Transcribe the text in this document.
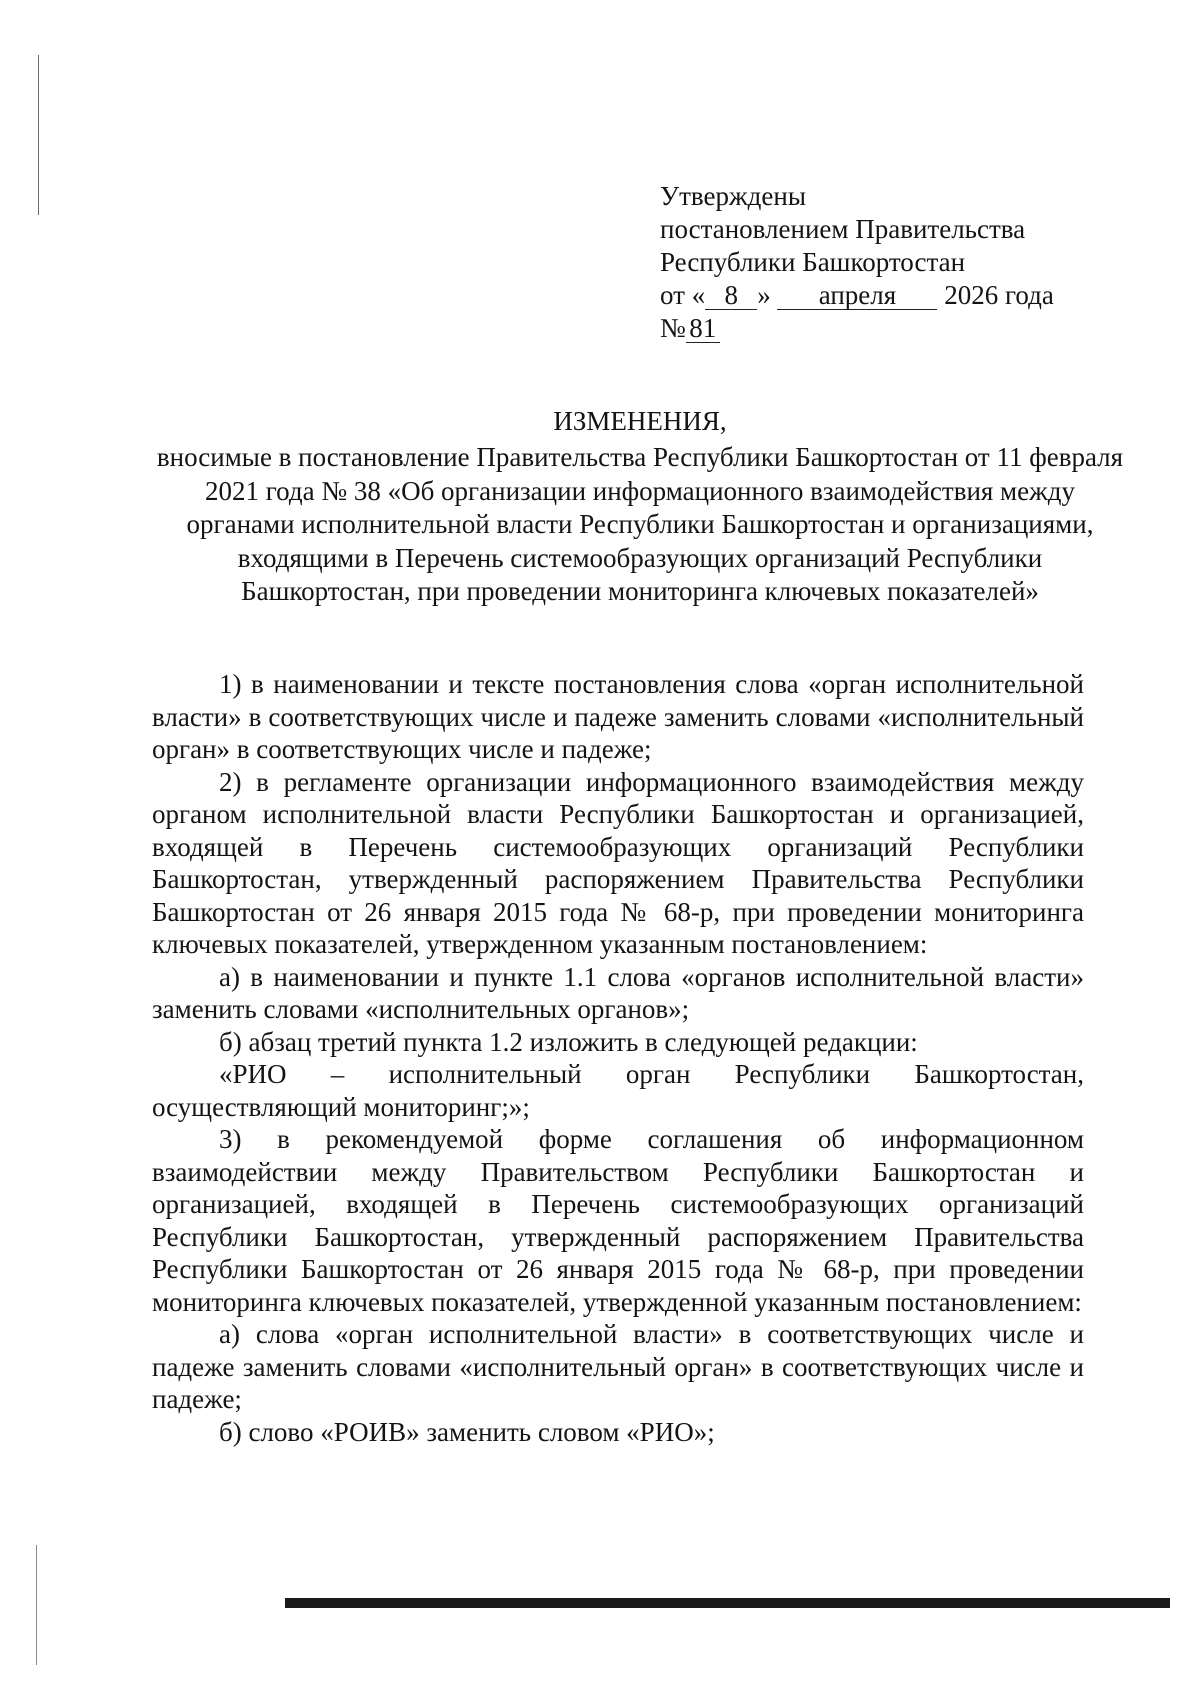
Утверждены
постановлением Правительства
Республики Башкортостан
от « 8 » апреля 2026 года
№ 81
ИЗМЕНЕНИЯ,
вносимые в постановление Правительства Республики Башкортостан от 11 февраля 2021 года № 38 «Об организации информационного взаимодействия между органами исполнительной власти Республики Башкортостан и организациями, входящими в Перечень системообразующих организаций Республики Башкортостан, при проведении мониторинга ключевых показателей»

1) в наименовании и тексте постановления слова «орган исполнительной власти» в соответствующих числе и падеже заменить словами «исполнительный орган» в соответствующих числе и падеже;

2) в регламенте организации информационного взаимодействия между органом исполнительной власти Республики Башкортостан и организацией, входящей в Перечень системообразующих организаций Республики Башкортостан, утвержденный распоряжением Правительства Республики Башкортостан от 26 января 2015 года № 68-р, при проведении мониторинга ключевых показателей, утвержденном указанным постановлением:

а) в наименовании и пункте 1.1 слова «органов исполнительной власти» заменить словами «исполнительных органов»;

б) абзац третий пункта 1.2 изложить в следующей редакции:

«РИО – исполнительный орган Республики Башкортостан, осуществляющий мониторинг;»;

3) в рекомендуемой форме соглашения об информационном взаимодействии между Правительством Республики Башкортостан и организацией, входящей в Перечень системообразующих организаций Республики Башкортостан, утвержденный распоряжением Правительства Республики Башкортостан от 26 января 2015 года № 68-р, при проведении мониторинга ключевых показателей, утвержденной указанным постановлением:

а) слова «орган исполнительной власти» в соответствующих числе и падеже заменить словами «исполнительный орган» в соответствующих числе и падеже;

б) слово «РОИВ» заменить словом «РИО»;
